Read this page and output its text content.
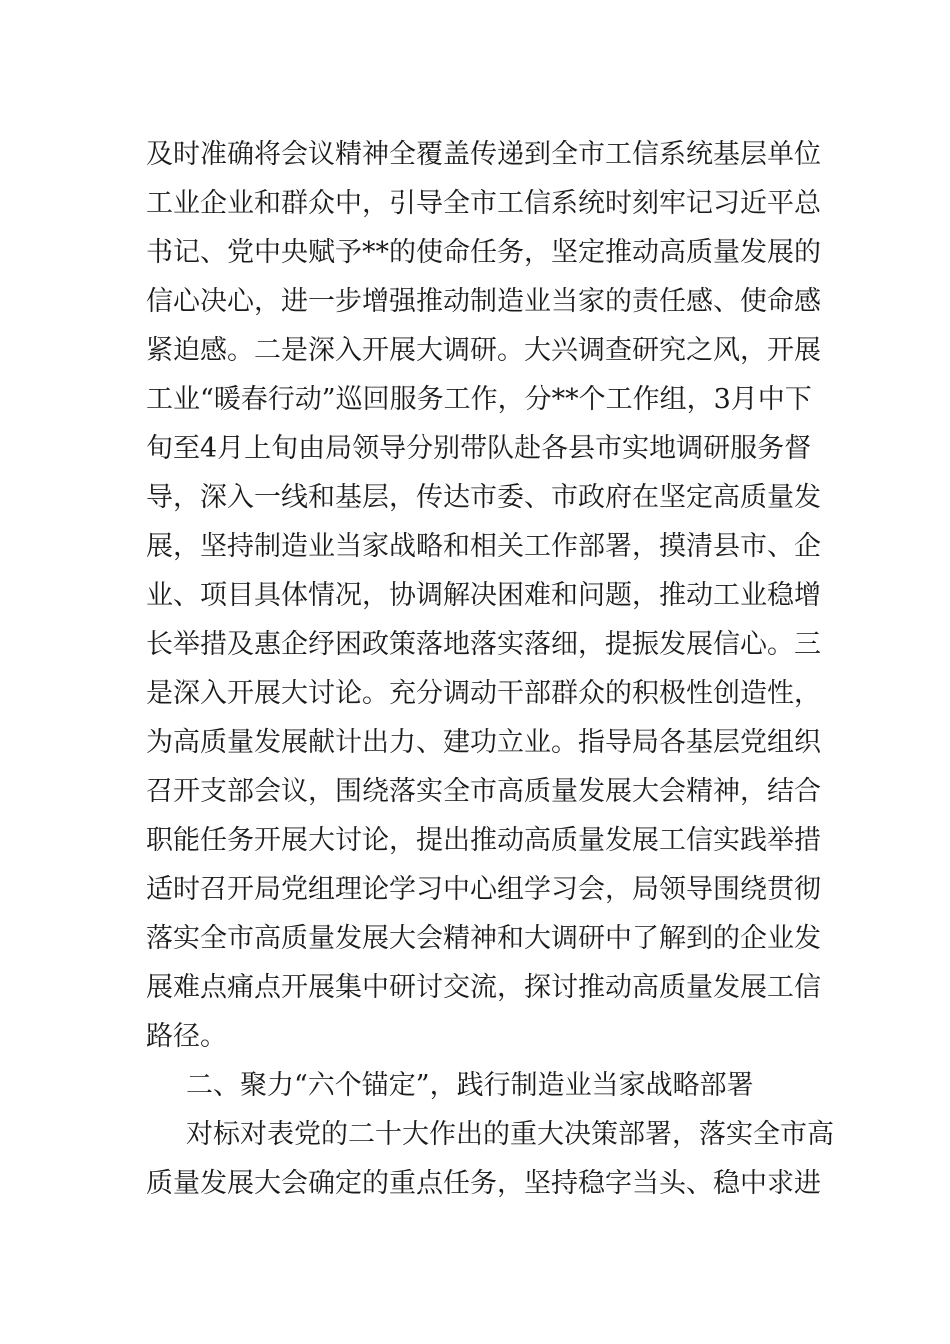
及时准确将会议精神全覆盖传递到全市工信系统基层单位
工业企业和群众中，引导全市工信系统时刻牢记习近平总
书记、党中央赋予**的使命任务，坚定推动高质量发展的
信心决心，进一步增强推动制造业当家的责任感、使命感
紧迫感。二是深入开展大调研。大兴调查研究之风，开展
工业“暖春行动”巡回服务工作，分**个工作组，3月中下
旬至4月上旬由局领导分别带队赴各县市实地调研服务督
导，深入一线和基层，传达市委、市政府在坚定高质量发
展，坚持制造业当家战略和相关工作部署，摸清县市、企
业、项目具体情况，协调解决困难和问题，推动工业稳增
长举措及惠企纾困政策落地落实落细，提振发展信心。三
是深入开展大讨论。充分调动干部群众的积极性创造性，
为高质量发展献计出力、建功立业。指导局各基层党组织
召开支部会议，围绕落实全市高质量发展大会精神，结合
职能任务开展大讨论，提出推动高质量发展工信实践举措
适时召开局党组理论学习中心组学习会，局领导围绕贯彻
落实全市高质量发展大会精神和大调研中了解到的企业发
展难点痛点开展集中研讨交流，探讨推动高质量发展工信
路径。
二、聚力“六个锚定”，践行制造业当家战略部署
对标对表党的二十大作出的重大决策部署，落实全市高
质量发展大会确定的重点任务，坚持稳字当头、稳中求进
